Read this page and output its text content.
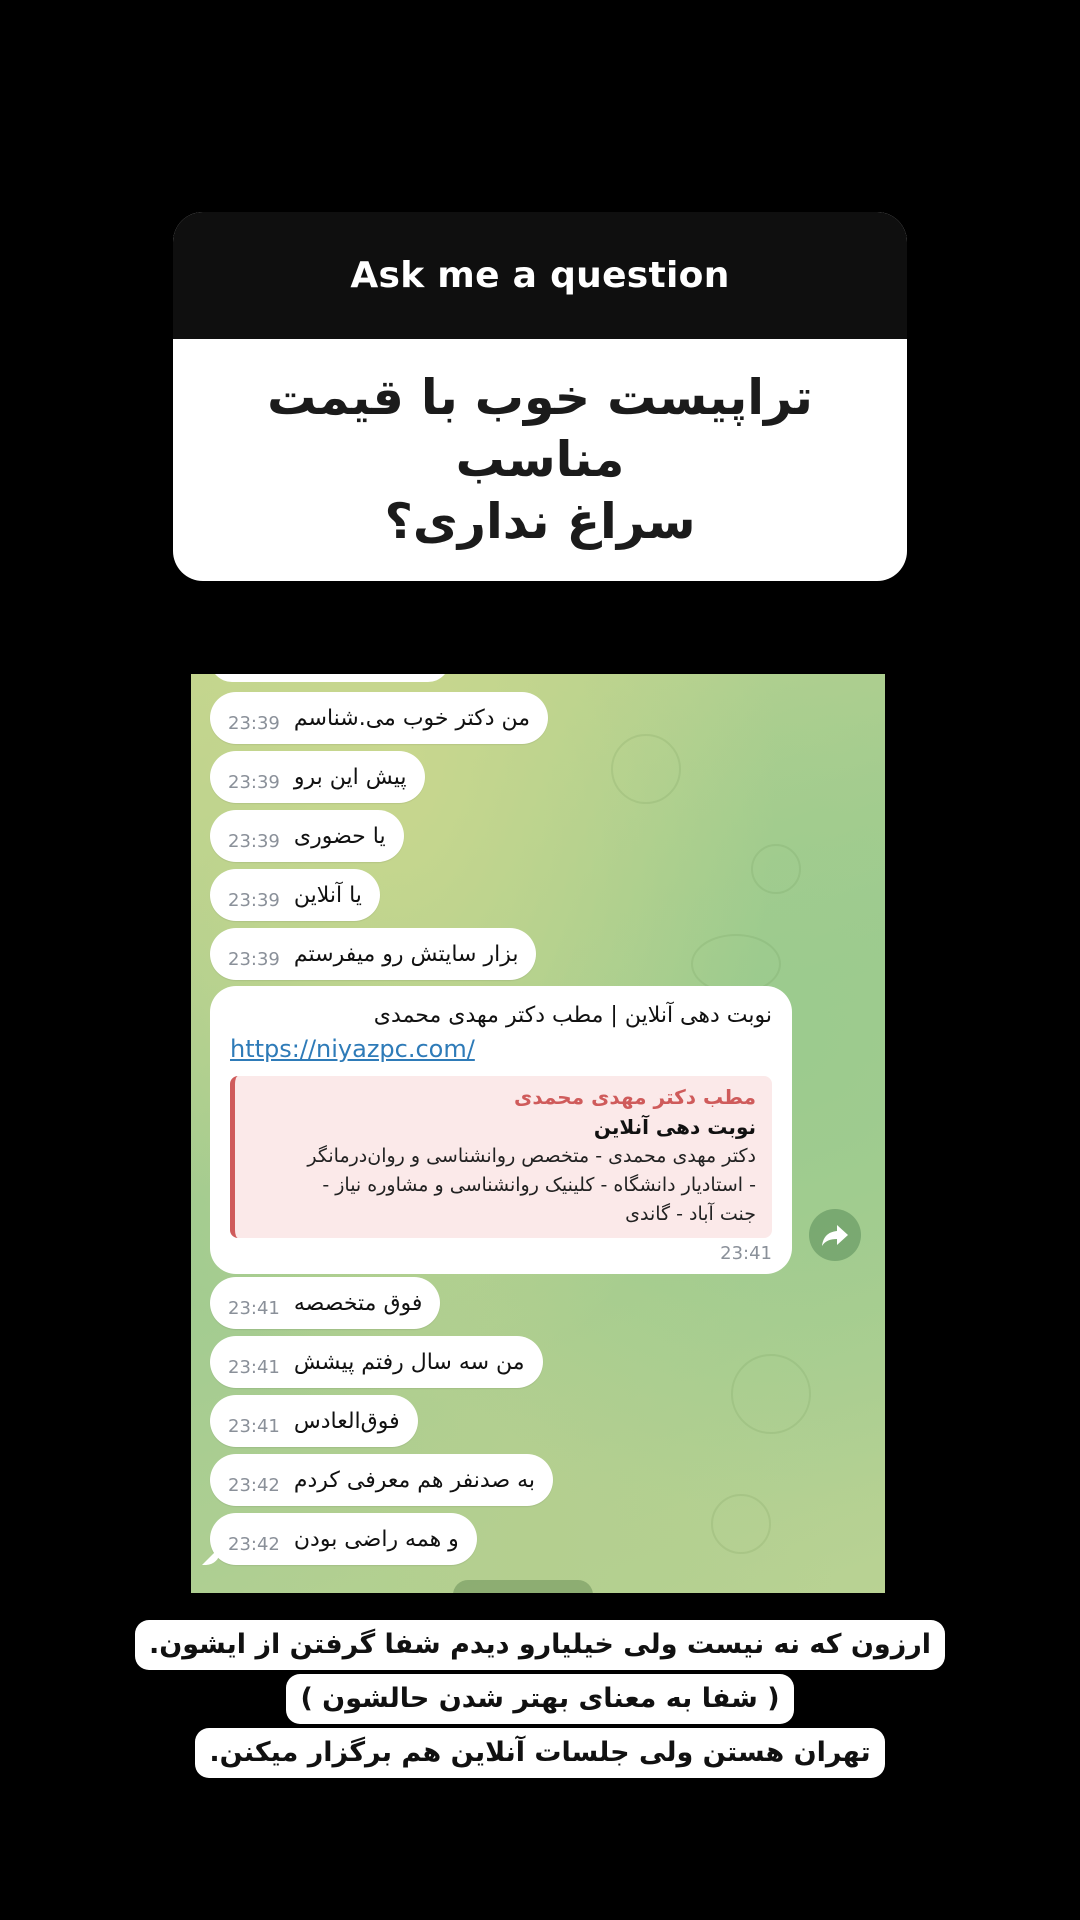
Ask me a question
تراپیست خوب با قیمت مناسب
سراغ نداری؟
من دکتر خوب می.شناسم
23:39
پیش این برو
23:39
یا حضوری
23:39
یا آنلاین
23:39
بزار سایتش رو میفرستم
23:39
نوبت دهی آنلاین | مطب دکتر مهدی محمدی
https://niyazpc.com/
مطب دکتر مهدی محمدی
نوبت دهی آنلاین
دکتر مهدی محمدی - متخصص روانشناسی و روان‌درمانگر
- استادیار دانشگاه - کلینیک روانشناسی و مشاوره نیاز -
جنت آباد - گاندی
23:41
فوق متخصصه
23:41
من سه سال رفتم پیشش
23:41
فوق‌العادس
23:41
به صدنفر هم معرفی کردم
23:42
و همه راضی بودن
23:42
ارزون که نه نیست ولی خیلیارو دیدم شفا گرفتن از ایشون.
( شفا به معنای بهتر شدن حالشون )
تهران هستن ولی جلسات آنلاین هم برگزار میکنن.
